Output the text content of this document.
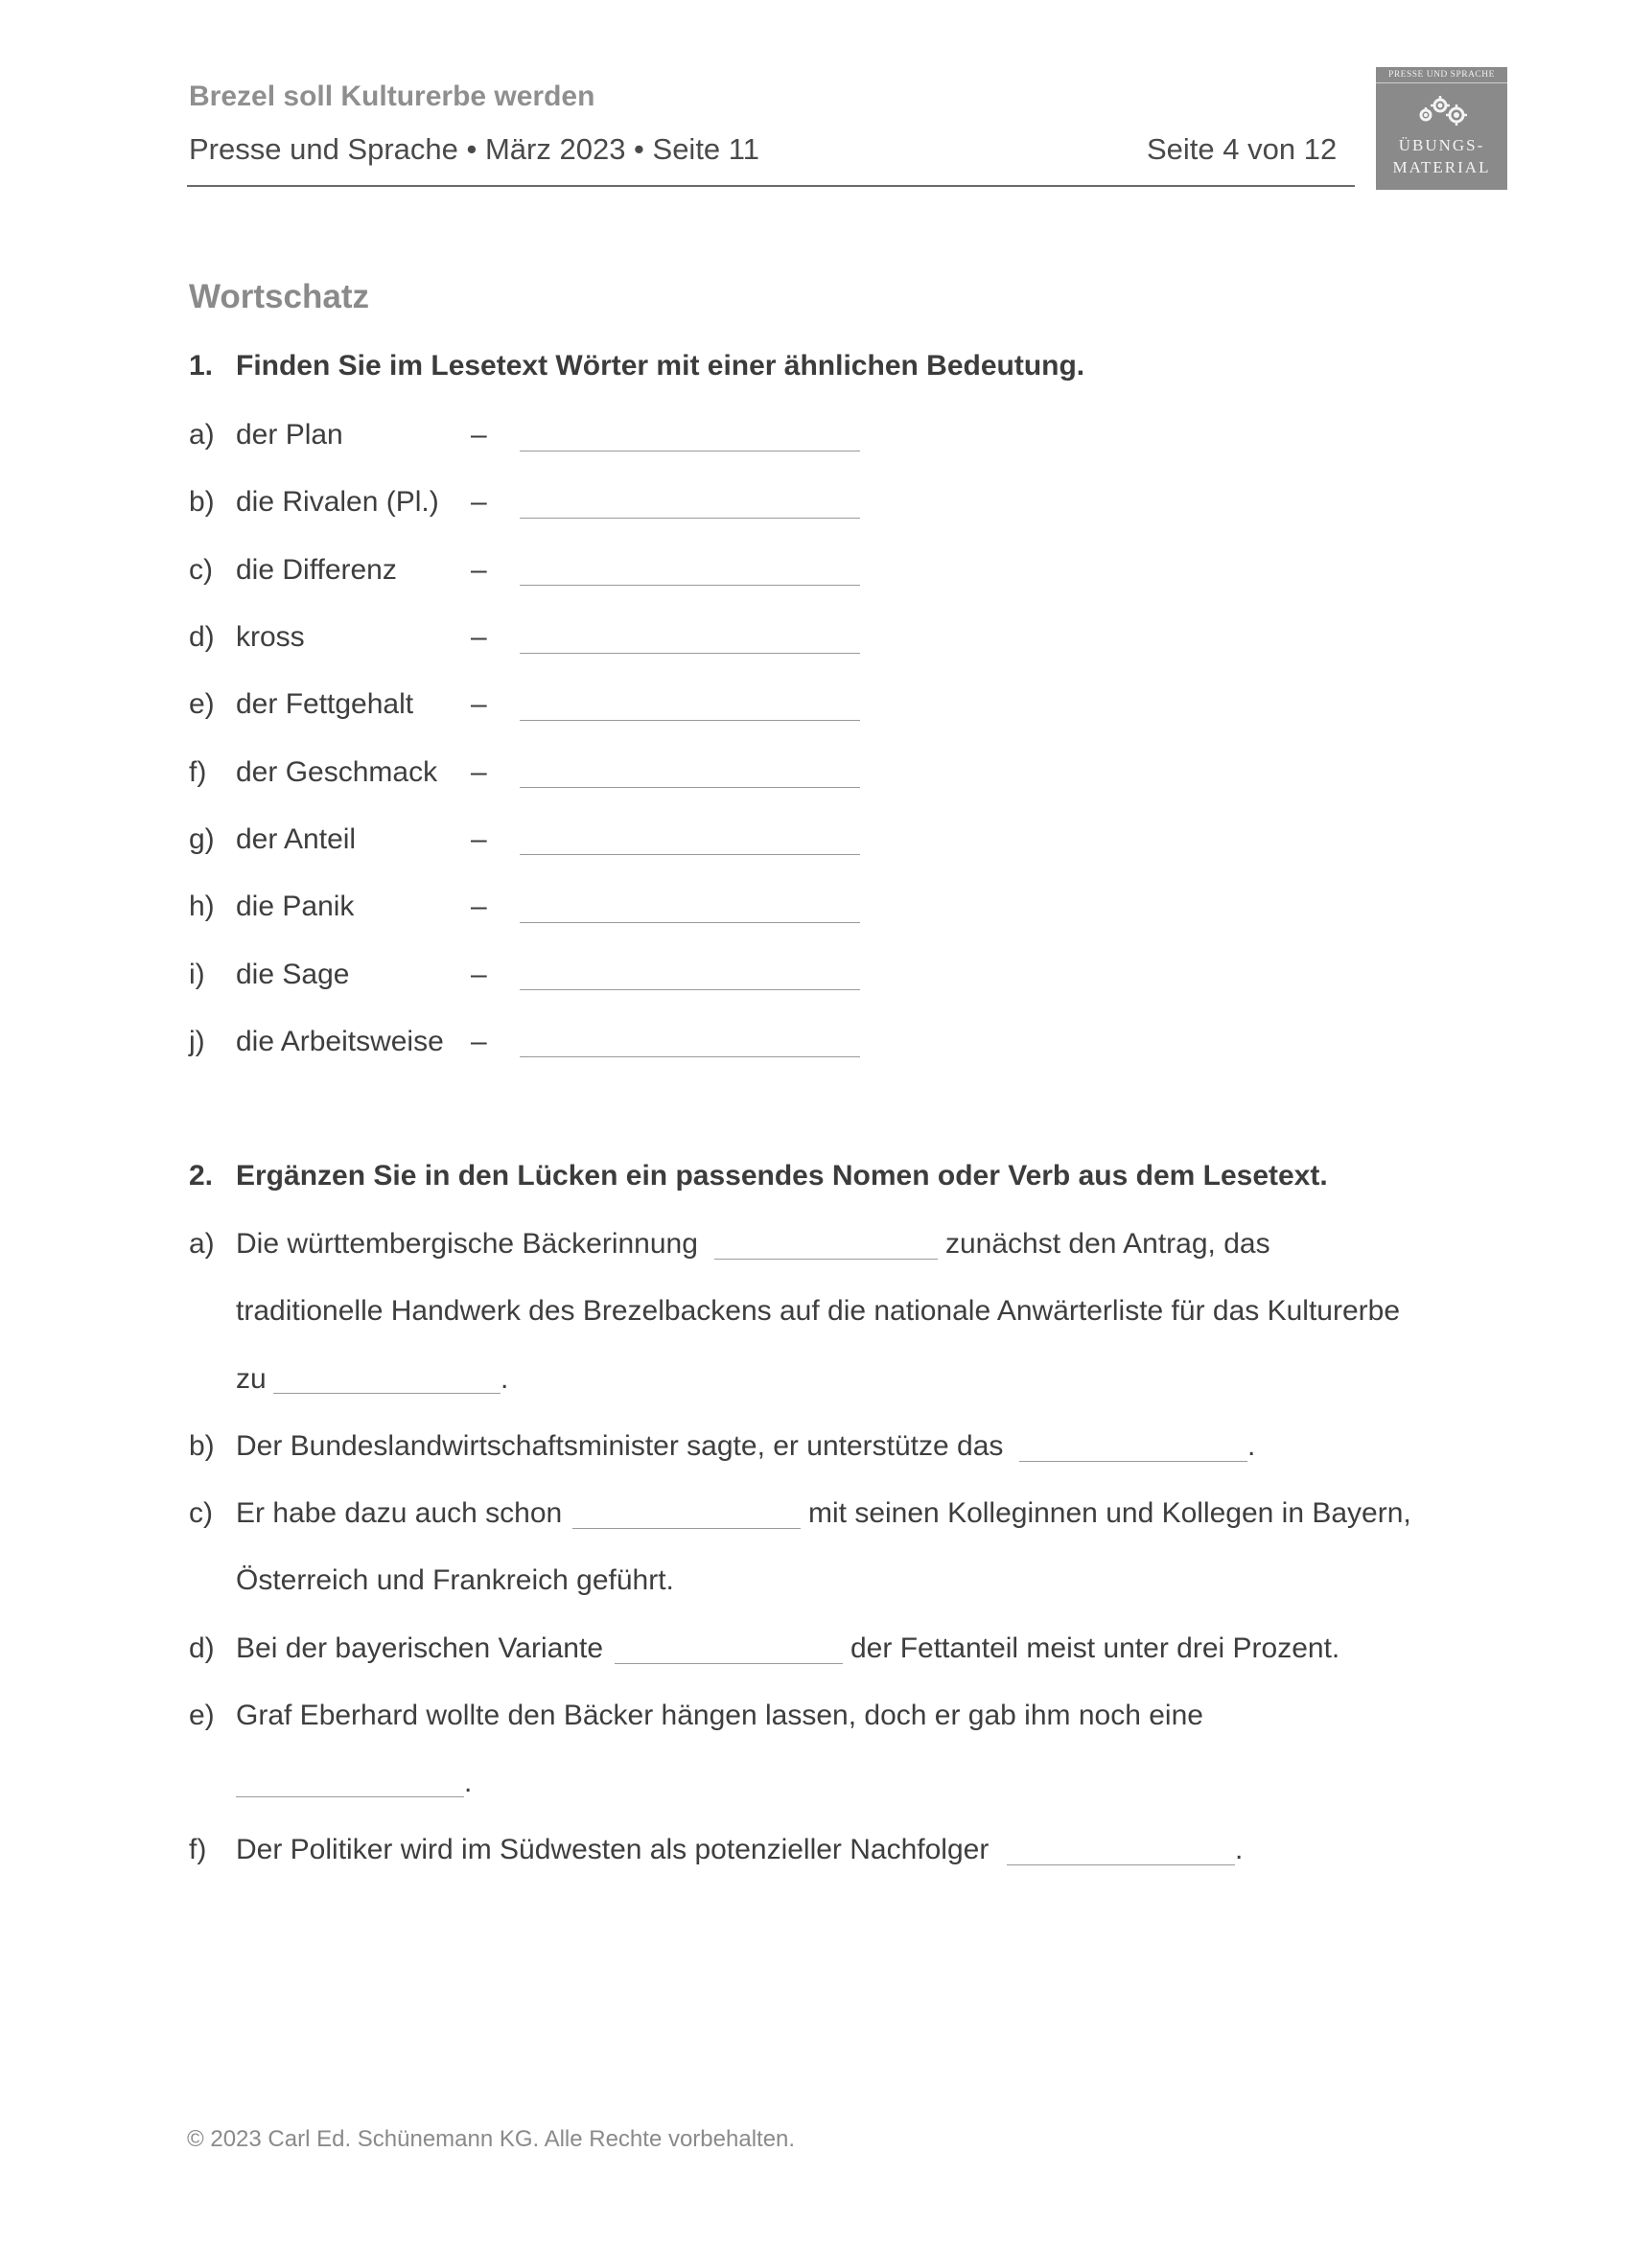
Brezel soll Kulturerbe werden
Presse und Sprache • März 2023 • Seite 11	Seite 4 von 12
PRESSE UND SPRACHE
ÜBUNGS-
MATERIAL
Wortschatz
1. Finden Sie im Lesetext Wörter mit einer ähnlichen Bedeutung.
a) der Plan	–
b) die Rivalen (Pl.) –
c) die Differenz	–
d) kross	–
e) der Fettgehalt –
f) der Geschmack –
g) der Anteil	–
h) die Panik	–
i) die Sage	–
j) die Arbeitsweise –
2. Ergänzen Sie in den Lücken ein passendes Nomen oder Verb aus dem Lesetext.
a) Die württembergische Bäckerinnung	zunächst den Antrag, das
traditionelle Handwerk des Brezelbackens auf die nationale Anwärterliste für das Kulturerbe
zu	.
b) Der Bundeslandwirtschaftsminister sagte, er unterstütze das	.
c) Er habe dazu auch schon	mit seinen Kolleginnen und Kollegen in Bayern,
Österreich und Frankreich geführt.
d) Bei der bayerischen Variante	der Fettanteil meist unter drei Prozent.
e) Graf Eberhard wollte den Bäcker hängen lassen, doch er gab ihm noch eine
.
f) Der Politiker wird im Südwesten als potenzieller Nachfolger	.
© 2023 Carl Ed. Schünemann KG. Alle Rechte vorbehalten.
